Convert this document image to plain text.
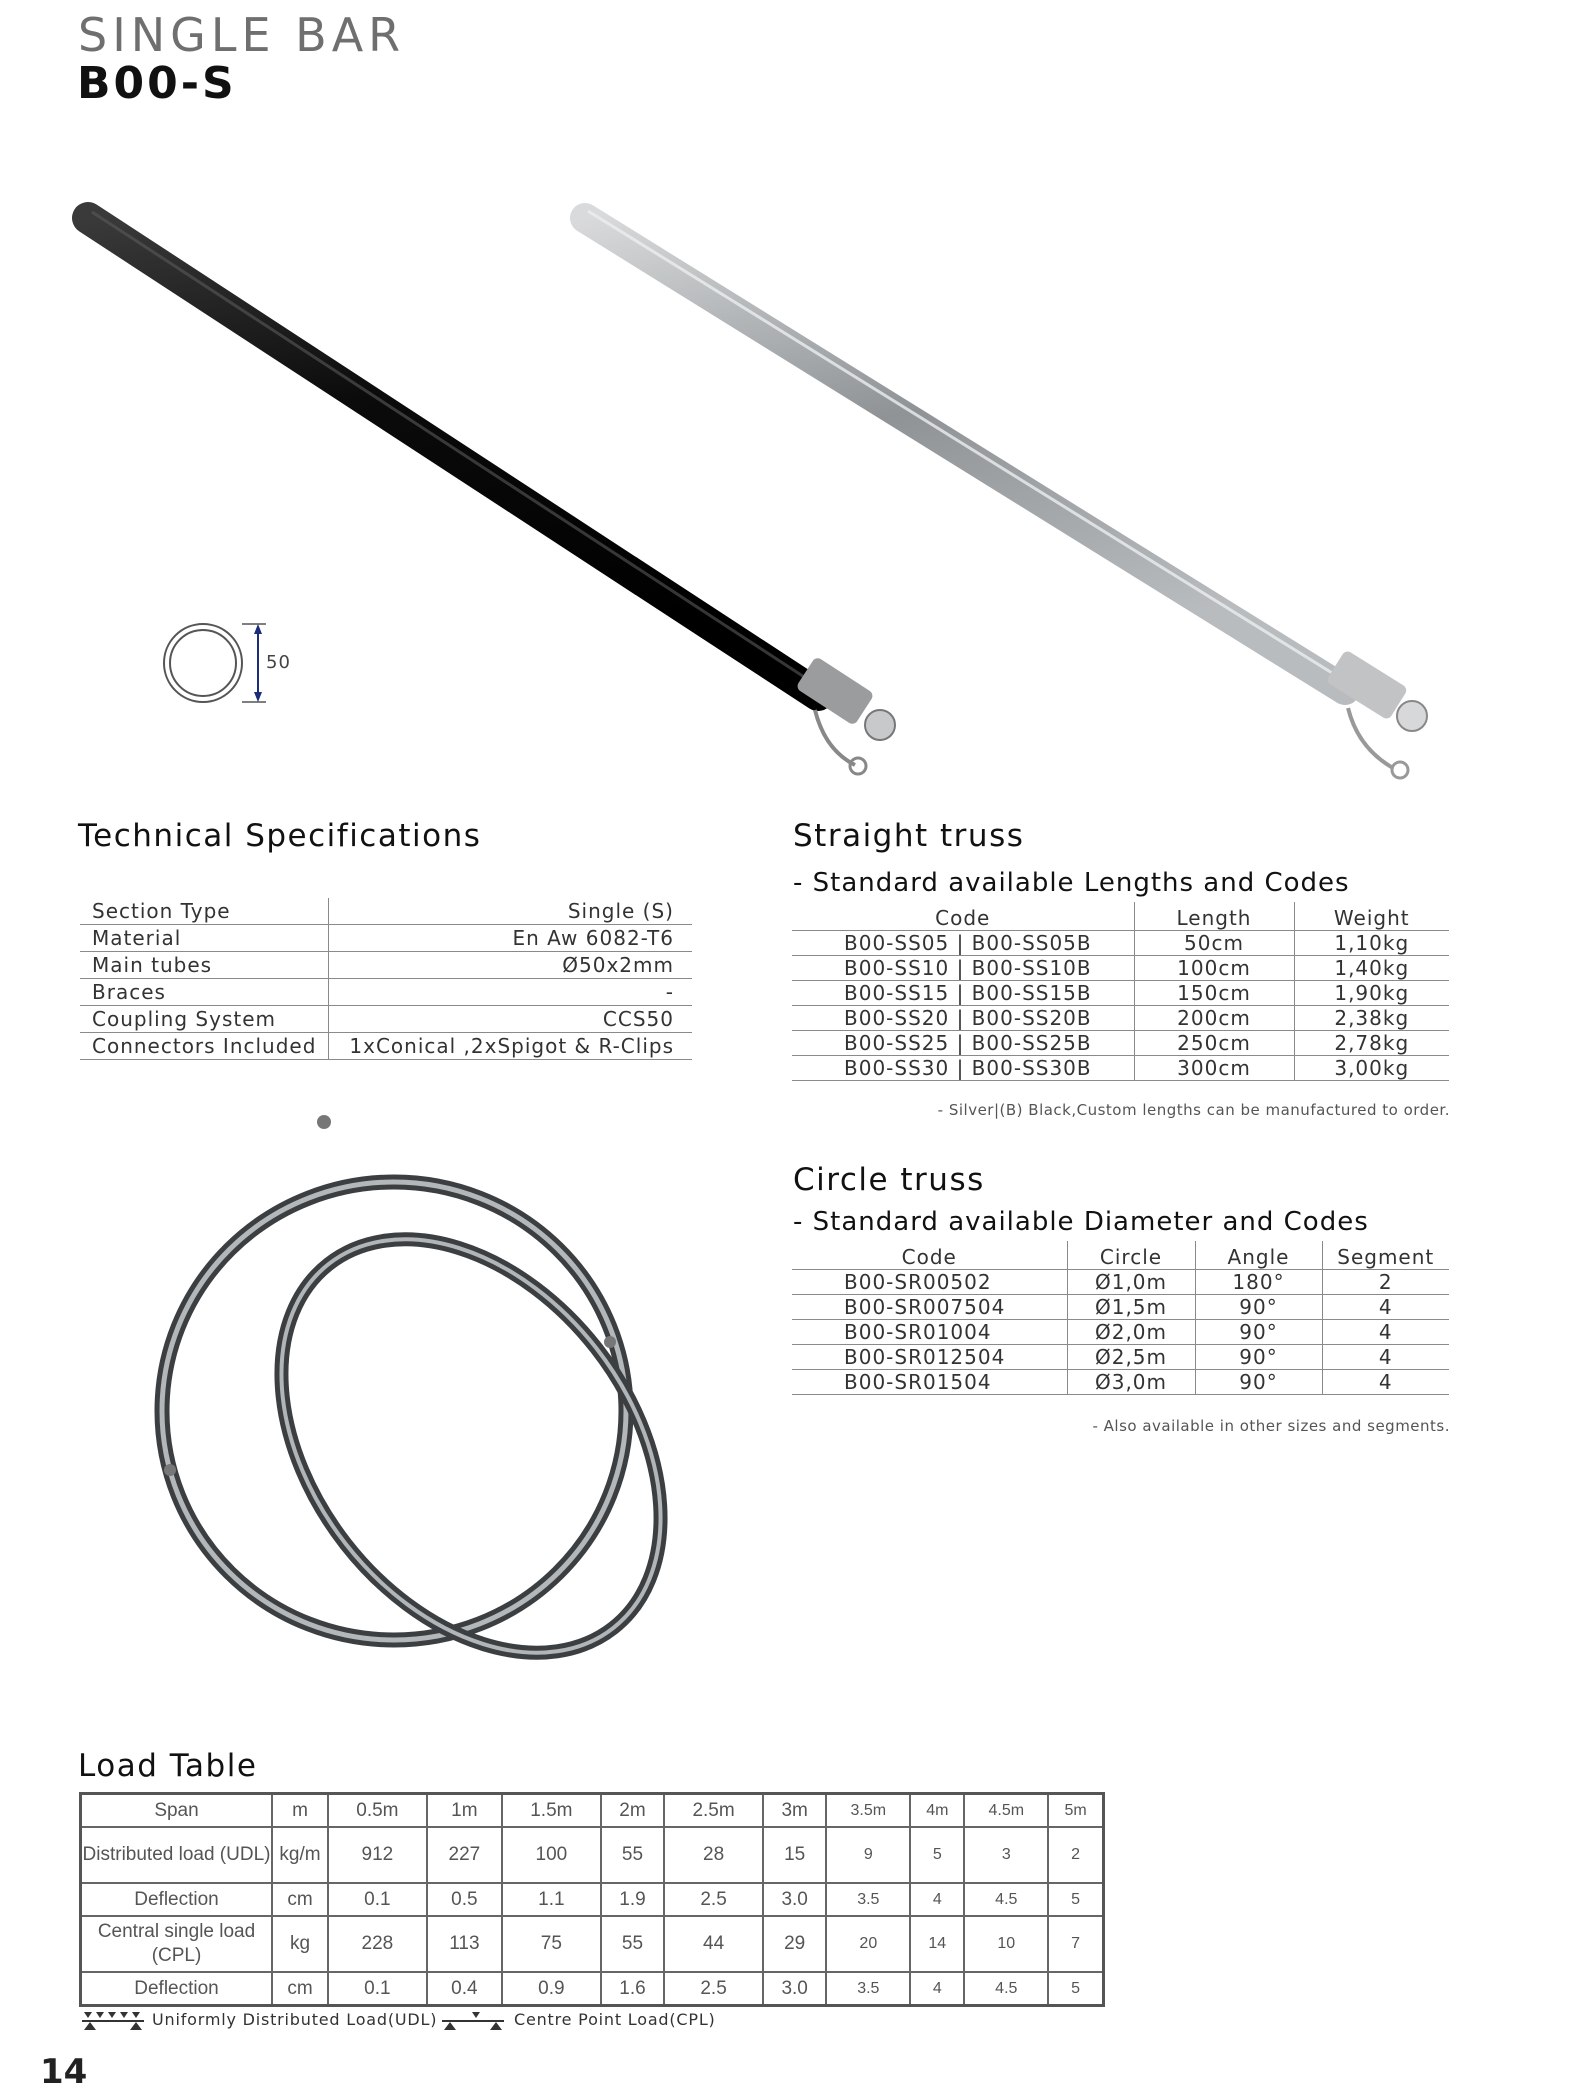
SINGLE BAR
B00-S
50
Technical Specifications
Section Type	Single (S)
Material	En Aw 6082-T6
Main tubes	Ø50x2mm
Braces	-
Coupling System	CCS50
Connectors Included	1xConical ,2xSpigot & R-Clips
Straight truss
- Standard available Lengths and Codes
Code	Length	Weight
B00-SS05 | B00-SS05B	50cm	1,10kg
B00-SS10 | B00-SS10B	100cm	1,40kg
B00-SS15 | B00-SS15B	150cm	1,90kg
B00-SS20 | B00-SS20B	200cm	2,38kg
B00-SS25 | B00-SS25B	250cm	2,78kg
B00-SS30 | B00-SS30B	300cm	3,00kg
- Silver|(B) Black,Custom lengths can be manufactured to order.
Circle truss
- Standard available Diameter and Codes
Code	Circle	Angle	Segment
B00-SR00502	Ø1,0m	180°	2
B00-SR007504	Ø1,5m	90°	4
B00-SR01004	Ø2,0m	90°	4
B00-SR012504	Ø2,5m	90°	4
B00-SR01504	Ø3,0m	90°	4
- Also available in other sizes and segments.
Load Table
Span	m	0.5m	1m	1.5m	2m	2.5m	3m	3.5m	4m	4.5m	5m
Distributed load (UDL)	kg/m	912	227	100	55	28	15	9	5	3	2
Deflection	cm	0.1	0.5	1.1	1.9	2.5	3.0	3.5	4	4.5	5
Central single load (CPL)	kg	228	113	75	55	44	29	20	14	10	7
Deflection	cm	0.1	0.4	0.9	1.6	2.5	3.0	3.5	4	4.5	5
Uniformly Distributed Load(UDL)	Centre Point Load(CPL)
14
